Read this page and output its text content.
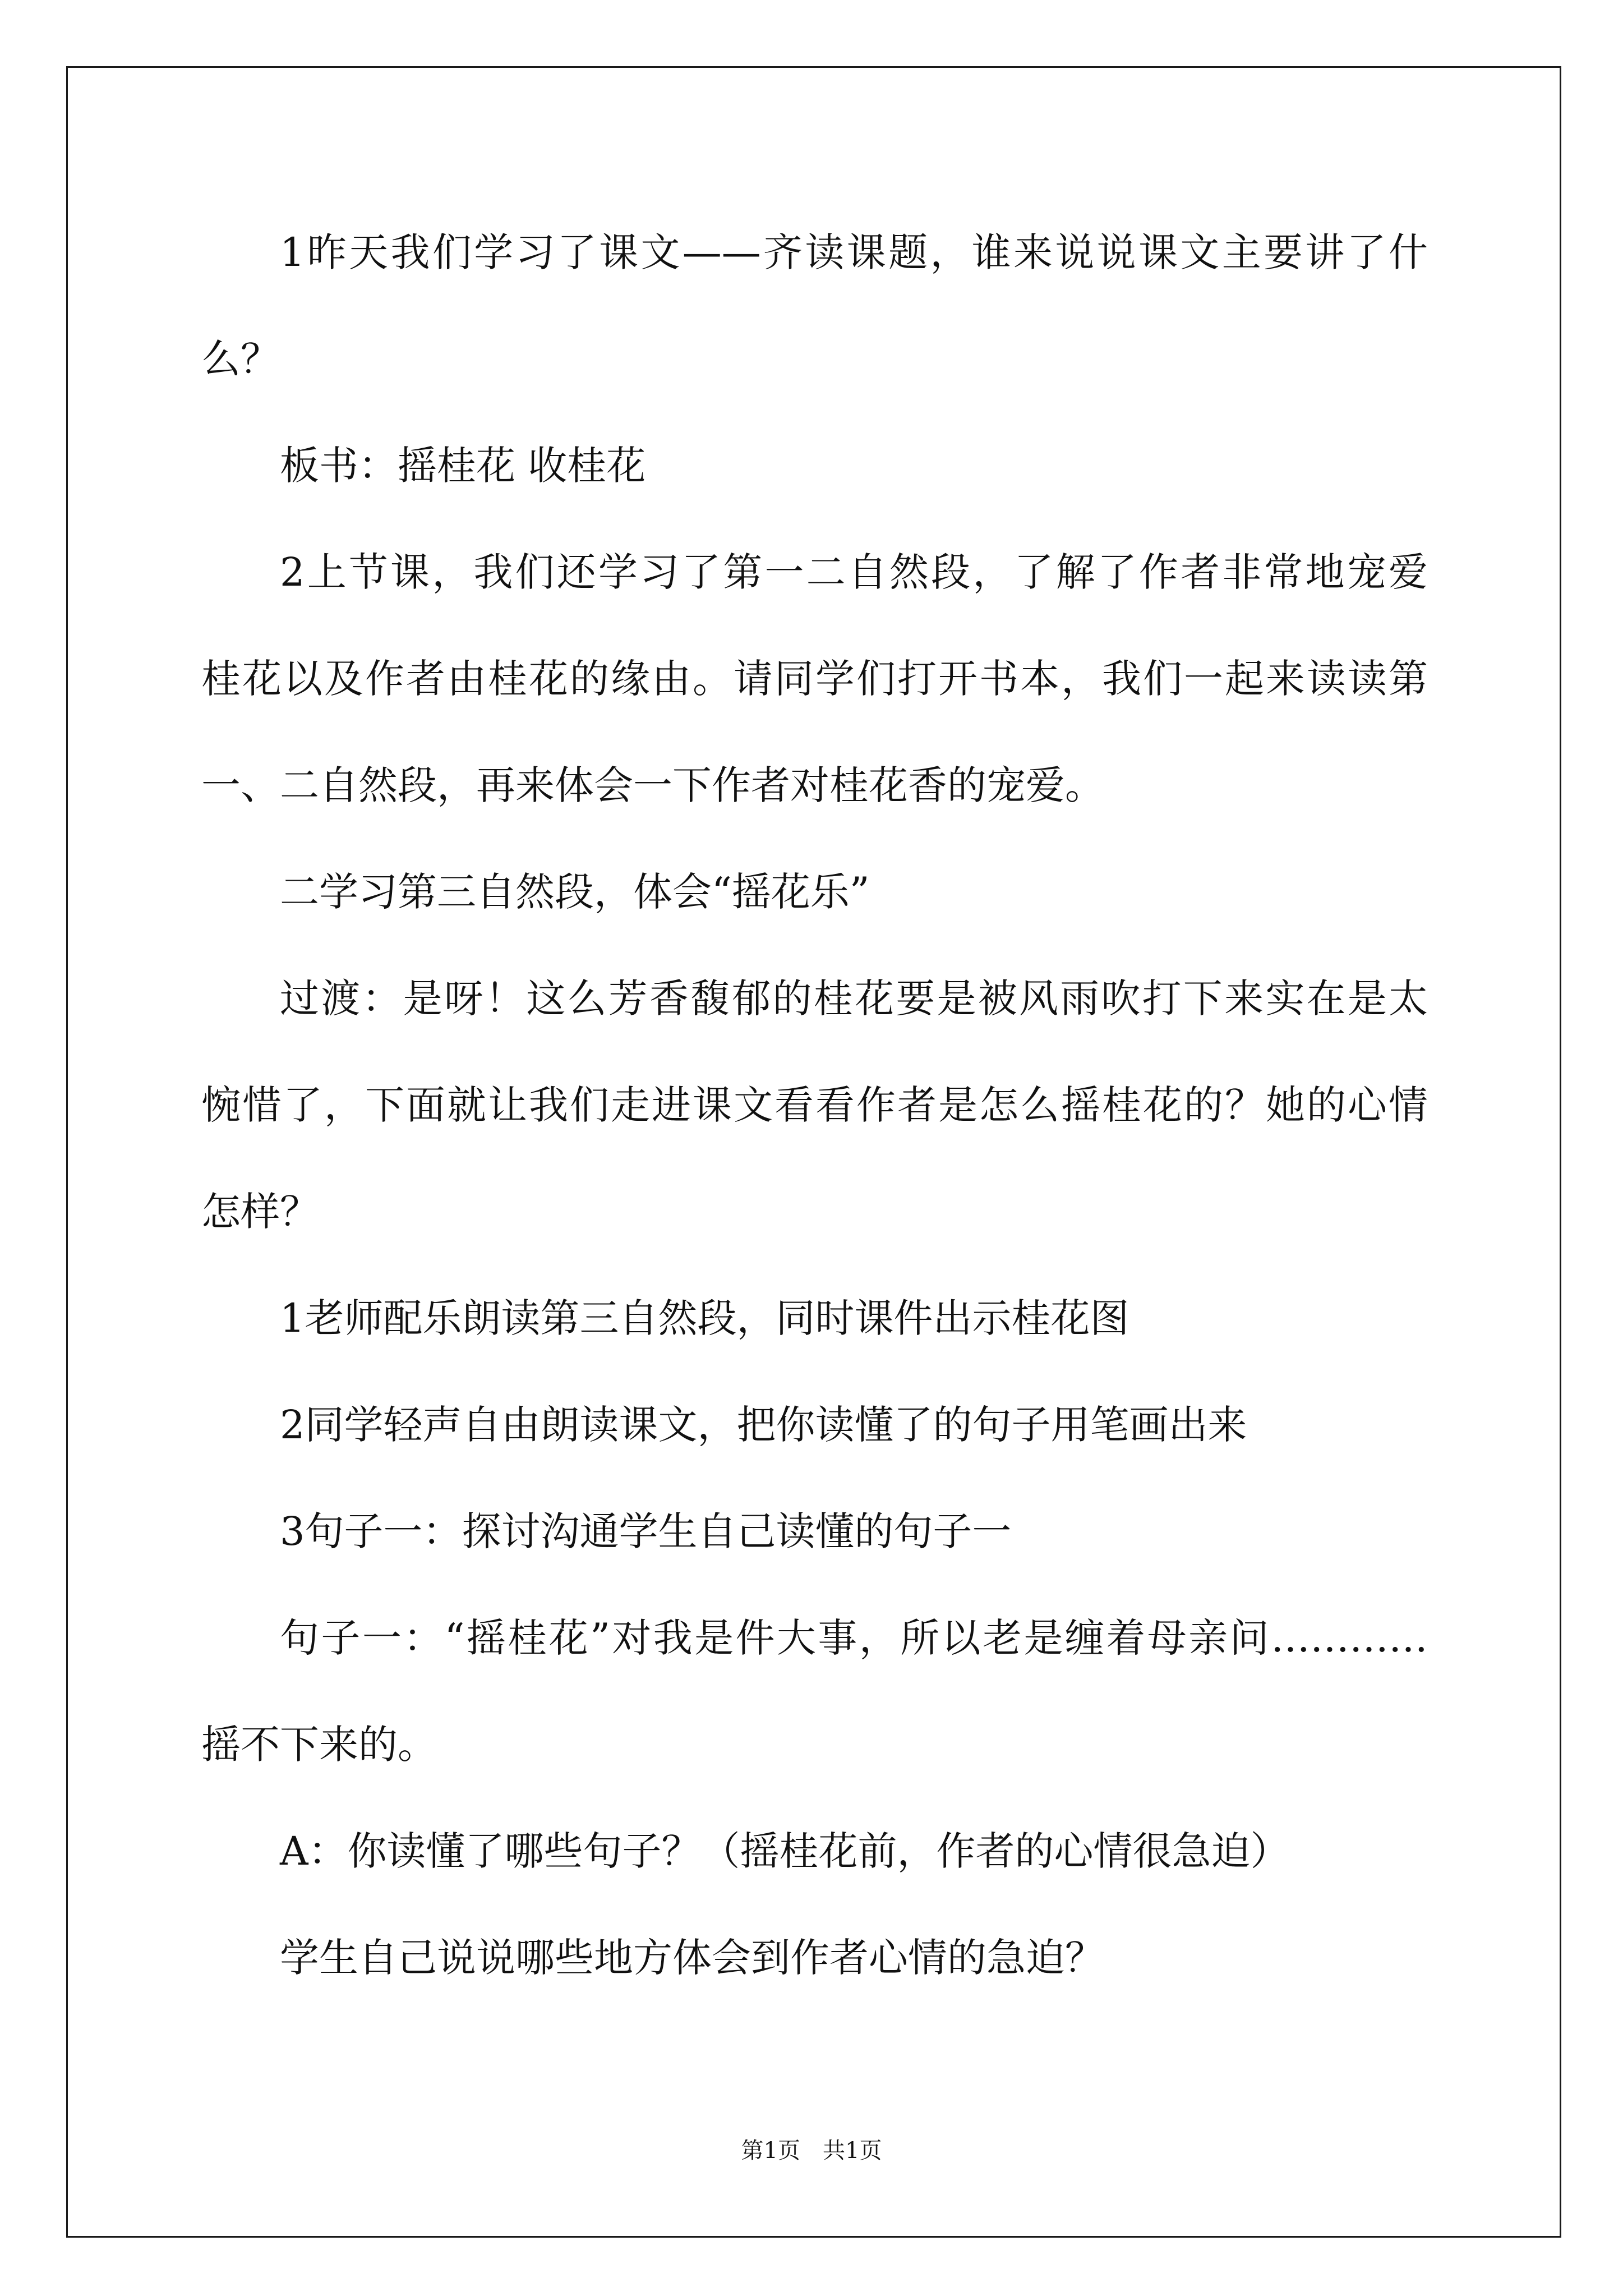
1昨天我们学习了课文——齐读课题，谁来说说课文主要讲了什
么？
板书：摇桂花 收桂花
2上节课，我们还学习了第一二自然段，了解了作者非常地宠爱
桂花以及作者由桂花的缘由。请同学们打开书本，我们一起来读读第
一、二自然段，再来体会一下作者对桂花香的宠爱。
二学习第三自然段，体会“摇花乐”
过渡：是呀！这么芳香馥郁的桂花要是被风雨吹打下来实在是太
惋惜了，下面就让我们走进课文看看作者是怎么摇桂花的？她的心情
怎样？
1老师配乐朗读第三自然段，同时课件出示桂花图
2同学轻声自由朗读课文，把你读懂了的句子用笔画出来
3句子一：探讨沟通学生自己读懂的句子一
句子一：“摇桂花”对我是件大事，所以老是缠着母亲问…………
摇不下来的。
A：你读懂了哪些句子？（摇桂花前，作者的心情很急迫）
学生自己说说哪些地方体会到作者心情的急迫？
第1页　共1页
